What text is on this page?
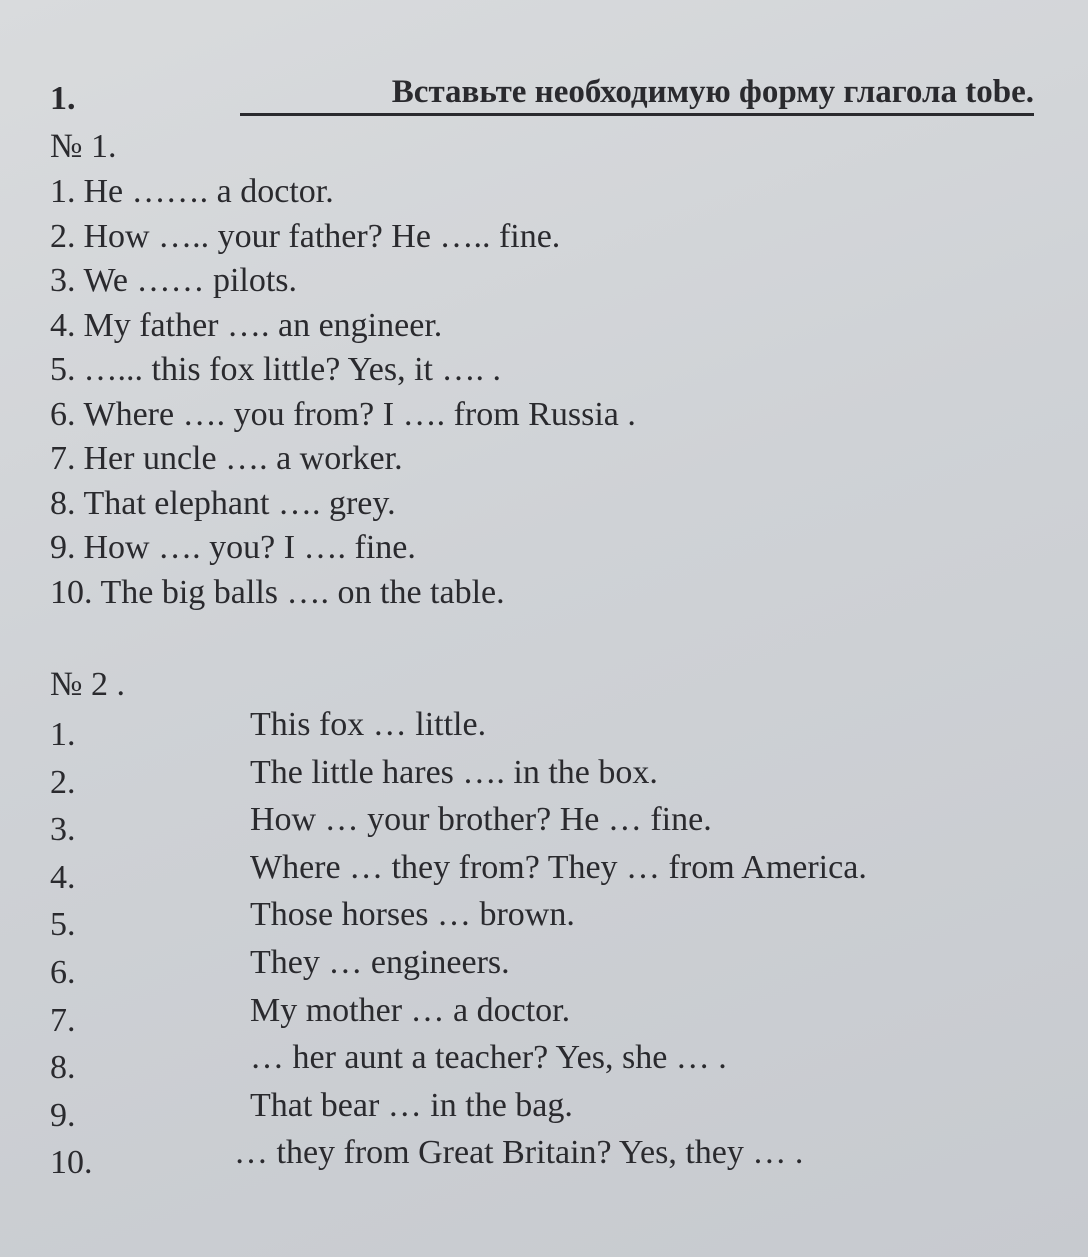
1.	Вставьте необходимую форму глагола tobe.
№ 1.
1. He ……. a doctor.
2. How ….. your father? He ….. fine.
3. We …… pilots.
4. My father …. an engineer.
5. …... this fox little? Yes, it …. .
6. Where …. you from? I …. from Russia .
7. Her uncle …. a worker.
8. That elephant …. grey.
9. How …. you? I …. fine.
10. The big balls …. on the table.
№ 2 .
1.	This fox … little.
2.	The little hares …. in the box.
3.	How … your brother? He … fine.
4.	Where … they from? They … from America.
5.	Those horses … brown.
6.	They … engineers.
7.	My mother … a doctor.
8.	… her aunt a teacher? Yes, she … .
9.	That bear … in the bag.
10.	… they from Great Britain? Yes, they … .
